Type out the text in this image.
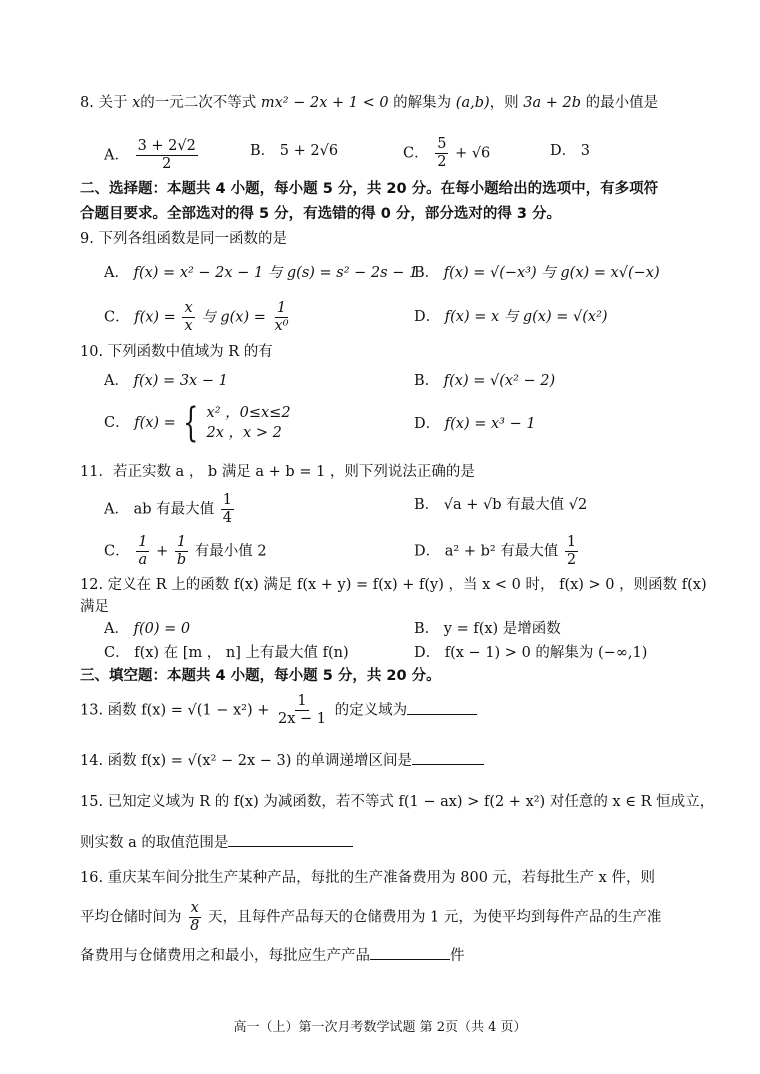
8. 关于 x的一元二次不等式 mx² − 2x + 1 < 0 的解集为 (a,b)，则 3a + 2b 的最小值是
A． $\frac{3 + 2√2}{2}$	B． 5 + 2√6	C． $\frac{5}{2} + √6$	D． 3
二、选择题：本题共 4 小题，每小题 5 分，共 20 分。在每小题给出的选项中，有多项符
合题目要求。全部选对的得 5 分，有选错的得 0 分，部分选对的得 3 分。
9. 下列各组函数是同一函数的是
A． f(x) = x² − 2x − 1 与 g(s) = s² − 2s − 1
B． f(x) = √(−x³) 与 g(x) = x√(−x)
C． $f(x) = \frac{x}{x}$ 与 $g(x) = \frac{1}{\text{x⁰}}$	D． f(x) = x 与 g(x) = √(x²)
10. 下列函数中值域为 R 的有
A． f(x) = 3x − 1	B． f(x) = √(x² − 2)
C． f(x) = { x² ，0≤x≤2
2x ，x > 2
D． f(x) = x³ − 1
11．若正实数 a ， b 满足 a + b = 1 ，则下列说法正确的是
A． ab 有最大值 $\frac{1}{4}$	B． √a + √b 有最大值 √2
C． $\frac{1}{a} + \frac{1}{b}$ 有最小值 2	D． a² + b² 有最大值 $\frac{1}{2}$
12. 定义在 R 上的函数 f(x) 满足 f(x + y) = f(x) + f(y) ，当 x < 0 时， f(x) > 0 ，则函数 f(x)
满足
A． f(0) = 0	B． y = f(x) 是增函数
C． f(x) 在 [m ， n] 上有最大值 f(n)	D． f(x − 1) > 0 的解集为 (−∞,1)
三、填空题：本题共 4 小题，每小题 5 分，共 20 分。
13. 函数 $f(x) = √(1 - x^2) + \frac{1}{2x - 1}$ 的定义域为
14. 函数 f(x) = √(x² − 2x − 3) 的单调递增区间是
15. 已知定义域为 R 的 f(x) 为减函数，若不等式 f(1 − ax) > f(2 + x²) 对任意的 x ∈ R 恒成立，
则实数 a 的取值范围是
16. 重庆某车间分批生产某种产品，每批的生产准备费用为 800 元，若每批生产 x 件，则
平均仓储时间为 $\frac{x}{8}$ 天，且每件产品每天的仓储费用为 1 元，为使平均到每件产品的生产准
备费用与仓储费用之和最小，每批应生产产品	件
高一（上）第一次月考数学试题 第 2页（共 4 页）
